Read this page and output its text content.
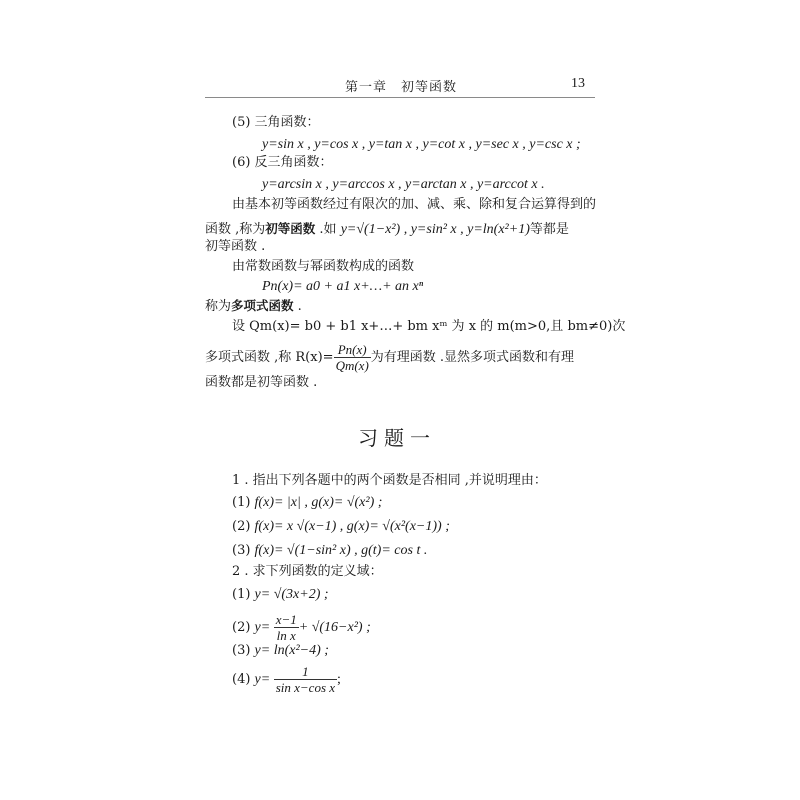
第一章　初等函数	13
(5) 三角函数：
y=sin x , y=cos x , y=tan x , y=cot x , y=sec x , y=csc x ;
(6) 反三角函数：
y=arcsin x , y=arccos x , y=arctan x , y=arccot x .
由基本初等函数经过有限次的加、减、乘、除和复合运算得到的
函数 ,称为初等函数 .如 y=√(1−x²) , y=sin² x , y=ln(x²+1)等都是
初等函数 .
由常数函数与幂函数构成的函数
Pn(x)= a0 + a1 x+…+ an xⁿ
称为多项式函数 .
设 Qm(x)= b0 + b1 x+…+ bm xᵐ 为 x 的 m(m>0,且 bm≠0)次
多项式函数 ,称 $R(x)= \frac{Pn(x)}{Qm(x)}$ 为有理函数 .显然多项式函数和有理
函数都是初等函数 .
习题一
1 . 指出下列各题中的两个函数是否相同 ,并说明理由：
(1) f(x)= |x| , g(x)= √(x²) ;
(2) f(x)= x √(x−1) , g(x)= √(x²(x−1)) ;
(3) f(x)= √(1−sin² x) , g(t)= cos t .
2 . 求下列函数的定义域：
(1) y= √(3x+2) ;
(2) $y= \frac{x-1}{\text{ln x}} + √(16-x^2)$ ;
(3) y= ln(x²−4) ;
(4) $y= \frac{1}{\text{sin x−cos x}}$ ;
